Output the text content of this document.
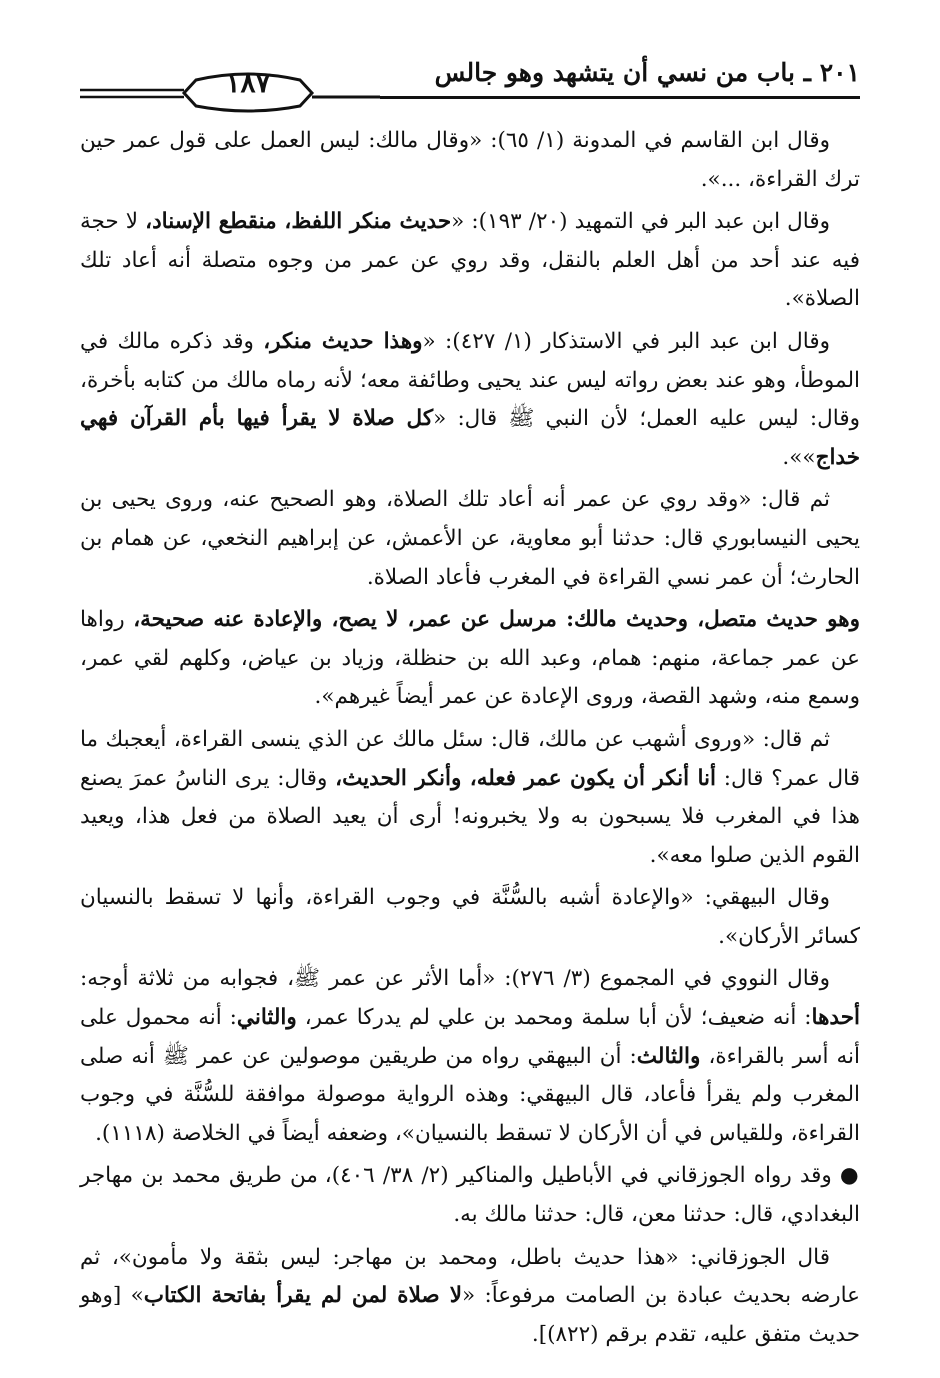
٢٠١ ـ باب من نسي أن يتشهد وهو جالس
١٨٧

وقال ابن القاسم في المدونة (١/ ٦٥): «وقال مالك: ليس العمل على قول عمر حين ترك القراءة، ...».

وقال ابن عبد البر في التمهيد (٢٠/ ١٩٣): «حديث منكر اللفظ، منقطع الإسناد، لا حجة فيه عند أحد من أهل العلم بالنقل، وقد روي عن عمر من وجوه متصلة أنه أعاد تلك الصلاة».

وقال ابن عبد البر في الاستذكار (١/ ٤٢٧): «وهذا حديث منكر، وقد ذكره مالك في الموطأ، وهو عند بعض رواته ليس عند يحيى وطائفة معه؛ لأنه رماه مالك من كتابه بأخرة، وقال: ليس عليه العمل؛ لأن النبي ﷺ قال: «كل صلاة لا يقرأ فيها بأم القرآن فهي خداج»».

ثم قال: «وقد روي عن عمر أنه أعاد تلك الصلاة، وهو الصحيح عنه، وروى يحيى بن يحيى النيسابوري قال: حدثنا أبو معاوية، عن الأعمش، عن إبراهيم النخعي، عن همام بن الحارث؛ أن عمر نسي القراءة في المغرب فأعاد الصلاة.

وهو حديث متصل، وحديث مالك: مرسل عن عمر، لا يصح، والإعادة عنه صحيحة، رواها عن عمر جماعة، منهم: همام، وعبد الله بن حنظلة، وزياد بن عياض، وكلهم لقي عمر، وسمع منه، وشهد القصة، وروى الإعادة عن عمر أيضاً غيرهم».

ثم قال: «وروى أشهب عن مالك، قال: سئل مالك عن الذي ينسى القراءة، أيعجبك ما قال عمر؟ قال: أنا أنكر أن يكون عمر فعله، وأنكر الحديث، وقال: يرى الناسُ عمرَ يصنع هذا في المغرب فلا يسبحون به ولا يخبرونه! أرى أن يعيد الصلاة من فعل هذا، ويعيد القوم الذين صلوا معه».

وقال البيهقي: «والإعادة أشبه بالسُّنَّة في وجوب القراءة، وأنها لا تسقط بالنسيان كسائر الأركان».

وقال النووي في المجموع (٣/ ٢٧٦): «أما الأثر عن عمر ﷺ، فجوابه من ثلاثة أوجه: أحدها: أنه ضعيف؛ لأن أبا سلمة ومحمد بن علي لم يدركا عمر، والثاني: أنه محمول على أنه أسر بالقراءة، والثالث: أن البيهقي رواه من طريقين موصولين عن عمر ﷺ أنه صلى المغرب ولم يقرأ فأعاد، قال البيهقي: وهذه الرواية موصولة موافقة للسُّنَّة في وجوب القراءة، وللقياس في أن الأركان لا تسقط بالنسيان»، وضعفه أيضاً في الخلاصة (١١١٨).

● وقد رواه الجوزقاني في الأباطيل والمناكير (٢/ ٣٨/ ٤٠٦)، من طريق محمد بن مهاجر البغدادي، قال: حدثنا معن، قال: حدثنا مالك به.

قال الجوزقاني: «هذا حديث باطل، ومحمد بن مهاجر: ليس بثقة ولا مأمون»، ثم عارضه بحديث عبادة بن الصامت مرفوعاً: «لا صلاة لمن لم يقرأ بفاتحة الكتاب» [وهو حديث متفق عليه، تقدم برقم (٨٢٢)].
